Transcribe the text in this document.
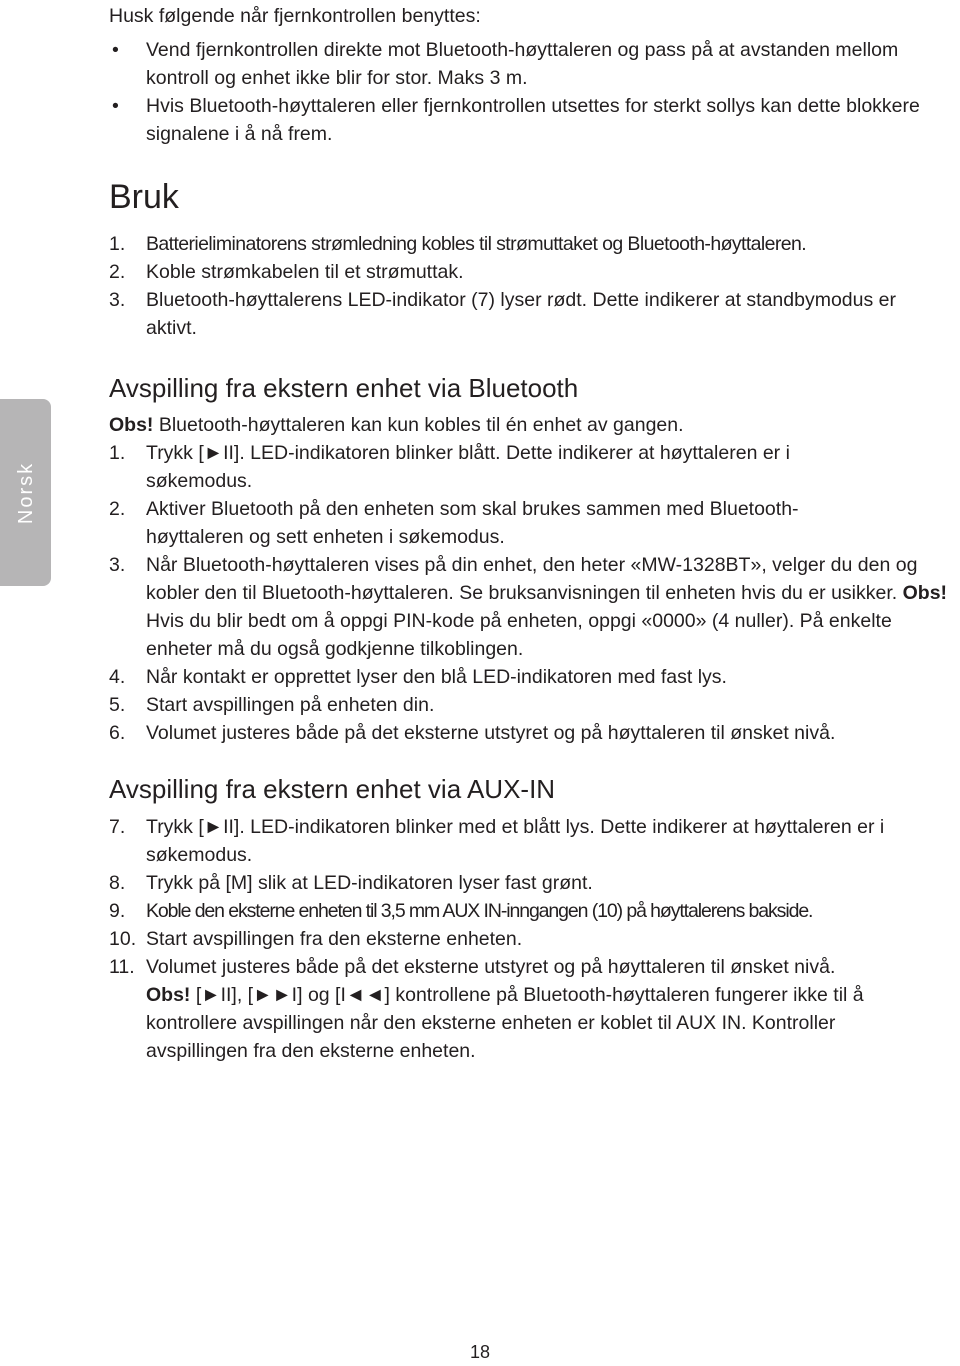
Norsk

Husk følgende når fjernkontrollen benyttes:

• Vend fjernkontrollen direkte mot Bluetooth-høyttaleren og pass på at avstanden mellom kontroll og enhet ikke blir for stor. Maks 3 m.

• Hvis Bluetooth-høyttaleren eller fjernkontrollen utsettes for sterkt sollys kan dette blokkere signalene i å nå frem.

Bruk

1. Batterieliminatorens strømledning kobles til strømuttaket og Bluetooth-høyttaleren.

2. Koble strømkabelen til et strømuttak.

3. Bluetooth-høyttalerens LED-indikator (7) lyser rødt. Dette indikerer at standbymodus er aktivt.

Avspilling fra ekstern enhet via Bluetooth

Obs! Bluetooth-høyttaleren kan kun kobles til én enhet av gangen.

1. Trykk [►II]. LED-indikatoren blinker blått. Dette indikerer at høyttaleren er i søkemodus.

2. Aktiver Bluetooth på den enheten som skal brukes sammen med Bluetooth-høyttaleren og sett enheten i søkemodus.

3. Når Bluetooth-høyttaleren vises på din enhet, den heter «MW-1328BT», velger du den og kobler den til Bluetooth-høyttaleren. Se bruksanvisningen til enheten hvis du er usikker. Obs! Hvis du blir bedt om å oppgi PIN-kode på enheten, oppgi «0000» (4 nuller). På enkelte enheter må du også godkjenne tilkoblingen.

4. Når kontakt er opprettet lyser den blå LED-indikatoren med fast lys.

5. Start avspillingen på enheten din.

6. Volumet justeres både på det eksterne utstyret og på høyttaleren til ønsket nivå.

Avspilling fra ekstern enhet via AUX-IN

7. Trykk [►II]. LED-indikatoren blinker med et blått lys. Dette indikerer at høyttaleren er i søkemodus.

8. Trykk på [M] slik at LED-indikatoren lyser fast grønt.

9. Koble den eksterne enheten til 3,5 mm AUX IN-inngangen (10) på høyttalerens bakside.

10. Start avspillingen fra den eksterne enheten.

11. Volumet justeres både på det eksterne utstyret og på høyttaleren til ønsket nivå.

Obs! [►II], [►►I] og [I◄◄] kontrollene på Bluetooth-høyttaleren fungerer ikke til å kontrollere avspillingen når den eksterne enheten er koblet til AUX IN. Kontroller avspillingen fra den eksterne enheten.

18
